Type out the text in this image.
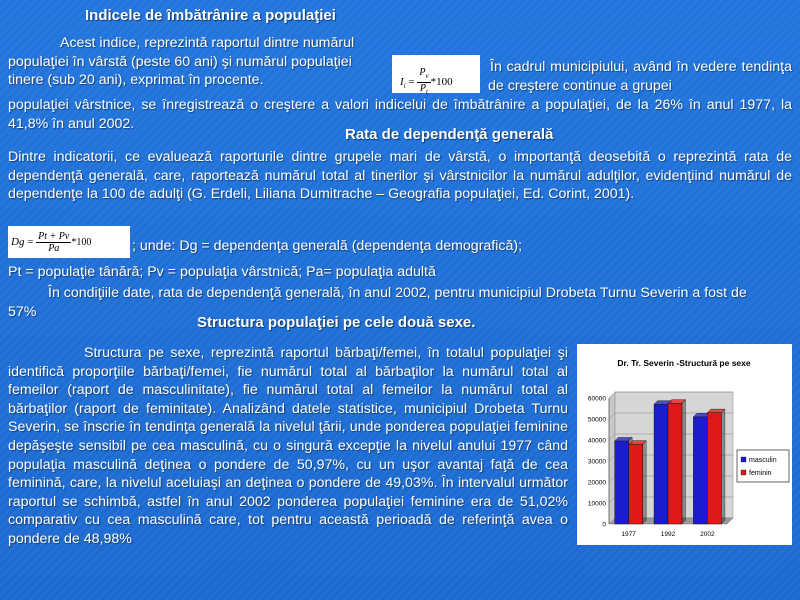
Indicele de îmbătrânire a populaţiei
Acest indice, reprezintă raportul dintre numărul populaţiei în vârstă (peste 60 ani) şi numărul populaţiei tinere (sub 20 ani), exprimat în procente.	$I_i = \frac{P_v}{P_t} *100$
În cadrul municipiului, având în vedere tendinţa de creştere continue a grupei
populaţiei vârstnice, se înregistrează o creştere a valori indicelui de îmbătrânire a populaţiei, de la 26% în anul 1977, la 41,8% în anul 2002.
Rata de dependenţă generală
Dintre indicatorii, ce evaluează raporturile dintre grupele mari de vârstă, o importanţă deosebită o reprezintă rata de dependenţă generală, care, raportează numărul total al tinerilor şi vârstnicilor la numărul adulţilor, evidenţiind numărul de dependenţe la 100 de adulţi (G. Erdeli, Liliana Dumitrache – Geografia populaţiei, Ed. Corint, 2001).
$Dg = \frac{Pt + Pv}{Pa} *100$	; unde: Dg = dependenţa generală (dependenţa demografică);
Pt = populaţie tânără; Pv = populaţia vârstnică; Pa= populaţia adultă
În condiţiile date, rata de dependenţă generală, în anul 2002, pentru municipiul Drobeta Turnu Severin a fost de 57%
Structura populaţiei pe cele două sexe.
Structura pe sexe, reprezintă raportul bărbaţi/femei, în totalul populaţiei şi identifică proporţiile bărbaţi/femei, fie numărul total al bărbaţilor la numărul total al femeilor (raport de masculinitate), fie numărul total al femeilor la numărul total al bărbaţilor (raport de feminitate). Analizând datele statistice, municipiul Drobeta Turnu Severin, se înscrie în tendinţa generală la nivelul ţării, unde ponderea populaţiei feminine depăşeşte sensibil pe cea masculină, cu o singură excepţie la nivelul anului 1977 când populaţia masculină deţinea o pondere de 50,97%, cu un uşor avantaj faţă de cea feminină, care, la nivelul aceluiaşi an deţinea o pondere de 49,03%. În intervalul următor raportul se schimbă, astfel în anul 2002 ponderea populaţiei feminine era de 51,02% comparativ cu cea masculină care, tot pentru această perioadă de referinţă avea o pondere de 48,98%
Dr. Tr. Severin -Structură pe sexe
0
10000
20000
30000
40000
50000
60000
1977	1992	2002
masculin
feminin
